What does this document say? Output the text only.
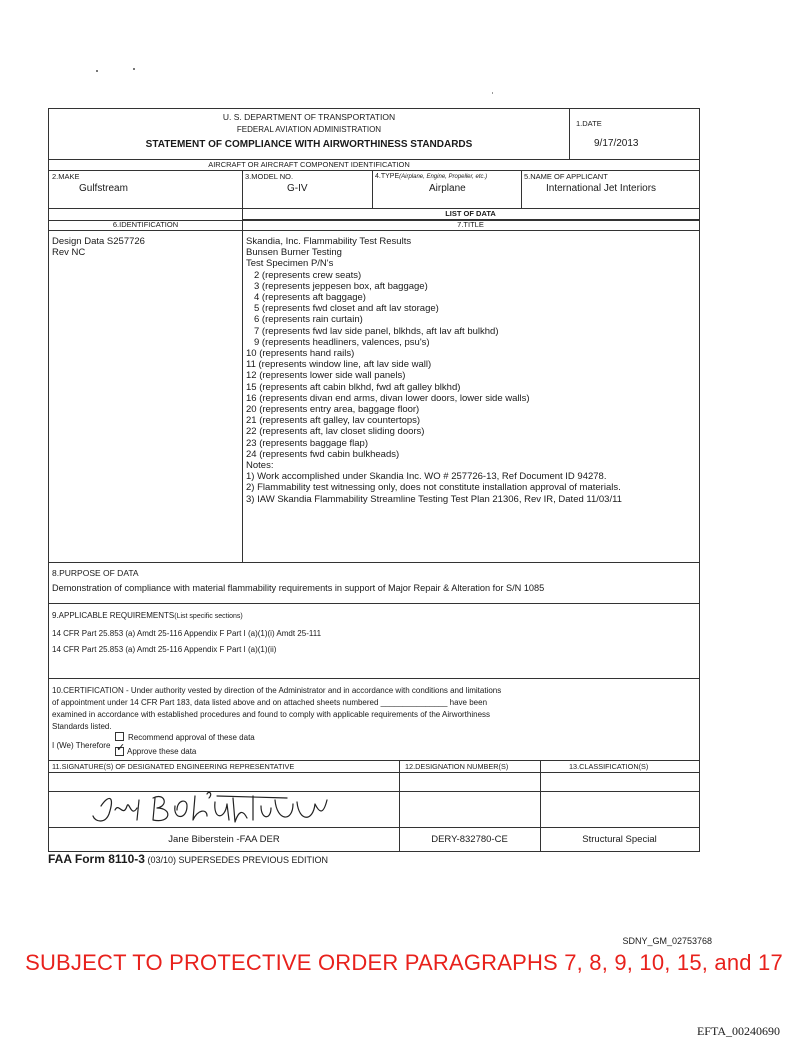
U. S. DEPARTMENT OF TRANSPORTATION
FEDERAL AVIATION ADMINISTRATION
STATEMENT OF COMPLIANCE WITH AIRWORTHINESS STANDARDS
1.DATE
9/17/2013
AIRCRAFT OR AIRCRAFT COMPONENT IDENTIFICATION
2.MAKE
Gulfstream
3.MODEL NO.
G-IV
4.TYPE(Airplane, Engine, Propeller, etc.)
Airplane
5.NAME OF APPLICANT
International Jet Interiors
LIST OF DATA
6.IDENTIFICATION	7.TITLE
Design Data S257726
Rev NC
Skandia, Inc. Flammability Test Results
Bunsen Burner Testing
Test Specimen P/N's
2 (represents crew seats)
3 (represents jeppesen box, aft baggage)
4 (represents aft baggage)
5 (represents fwd closet and aft lav storage)
6 (represents rain curtain)
7 (represents fwd lav side panel, blkhds, aft lav aft bulkhd)
9 (represents headliners, valences, psu's)
10 (represents hand rails)
11 (represents window line, aft lav side wall)
12 (represents lower side wall panels)
15 (represents aft cabin blkhd, fwd aft galley blkhd)
16 (represents divan end arms, divan lower doors, lower side walls)
20 (represents entry area, baggage floor)
21 (represents aft galley, lav countertops)
22 (represents aft, lav closet sliding doors)
23 (represents baggage flap)
24 (represents fwd cabin bulkheads)
Notes:
1) Work accomplished under Skandia Inc. WO # 257726-13, Ref Document ID 94278.
2) Flammability test witnessing only, does not constitute installation approval of materials.
3) IAW Skandia Flammability Streamline Testing Test Plan 21306, Rev IR, Dated 11/03/11
8.PURPOSE OF DATA
Demonstration of compliance with material flammability requirements in support of Major Repair & Alteration for S/N 1085
9.APPLICABLE REQUIREMENTS(List specific sections)
14 CFR Part 25.853 (a) Amdt 25-116 Appendix F Part I (a)(1)(i) Amdt 25-111
14 CFR Part 25.853 (a) Amdt 25-116 Appendix F Part I (a)(1)(ii)
10.CERTIFICATION - Under authority vested by direction of the Administrator and in accordance with conditions and limitations
of appointment under 14 CFR Part 183, data listed above and on attached sheets numbered _______________ have been
examined in accordance with established procedures and found to comply with applicable requirements of the Airworthiness
Standards listed.
I (We) Therefore
Recommend approval of these data
✓Approve these data
11.SIGNATURE(S) OF DESIGNATED ENGINEERING REPRESENTATIVE	12.DESIGNATION NUMBER(S)	13.CLASSIFICATION(S)
Jane Biberstein -FAA DER	DERY-832780-CE	Structural Special
FAA Form 8110-3 (03/10) SUPERSEDES PREVIOUS EDITION
SDNY_GM_02753768
SUBJECT TO PROTECTIVE ORDER PARAGRAPHS 7, 8, 9, 10, 15, and 17
EFTA_00240690
